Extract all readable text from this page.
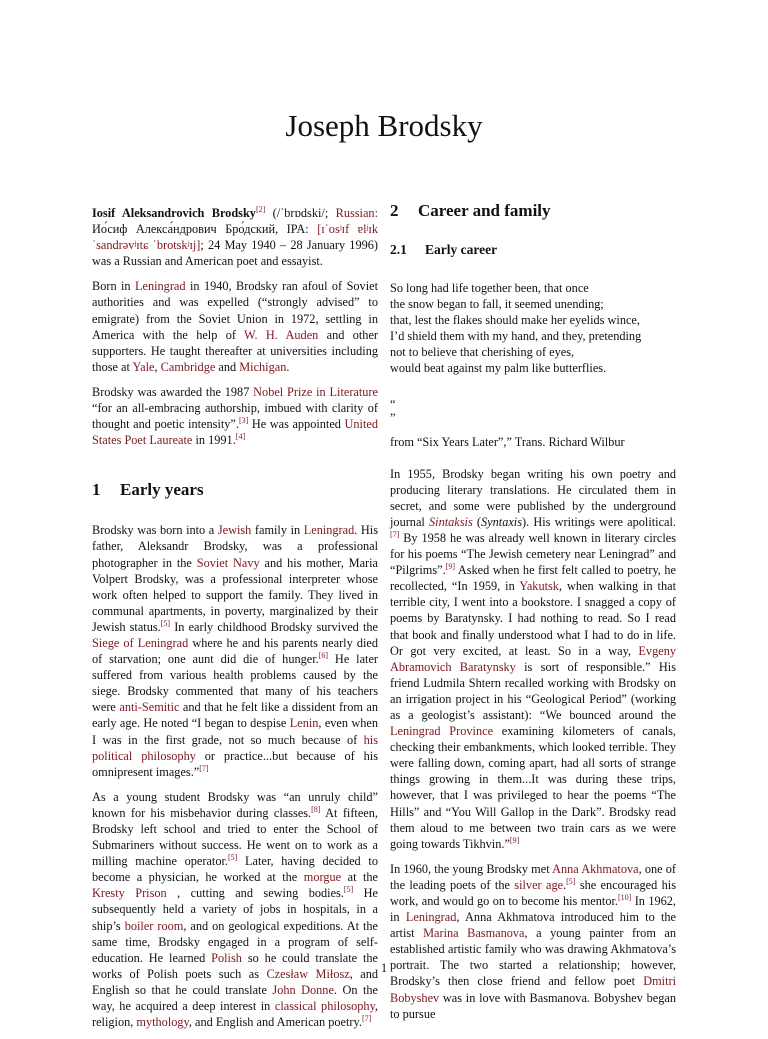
Joseph Brodsky

Iosif Aleksandrovich Brodsky[2] (/ˈbrɒdski/; Russian: Ио́сиф Алекса́ндрович Бро́дский, IPA: [ɪˈosʲɪf ɐlʲɪkˈsandrəvʲɪtɕ ˈbrotskʲɪj]; 24 May 1940 – 28 January 1996) was a Russian and American poet and essayist.

Born in Leningrad in 1940, Brodsky ran afoul of Soviet authorities and was expelled (“strongly advised” to emigrate) from the Soviet Union in 1972, settling in America with the help of W. H. Auden and other supporters. He taught thereafter at universities including those at Yale, Cambridge and Michigan.

Brodsky was awarded the 1987 Nobel Prize in Literature “for an all-embracing authorship, imbued with clarity of thought and poetic intensity”.[3] He was appointed United States Poet Laureate in 1991.[4]

1 Early years

Brodsky was born into a Jewish family in Leningrad. His father, Aleksandr Brodsky, was a professional photographer in the Soviet Navy and his mother, Maria Volpert Brodsky, was a professional interpreter whose work often helped to support the family. They lived in communal apartments, in poverty, marginalized by their Jewish status.[5] In early childhood Brodsky survived the Siege of Leningrad where he and his parents nearly died of starvation; one aunt did die of hunger.[6] He later suffered from various health problems caused by the siege. Brodsky commented that many of his teachers were anti-Semitic and that he felt like a dissident from an early age. He noted “I began to despise Lenin, even when I was in the first grade, not so much because of his political philosophy or practice...but because of his omnipresent images.”[7]

As a young student Brodsky was “an unruly child” known for his misbehavior during classes.[8] At fifteen, Brodsky left school and tried to enter the School of Submariners without success. He went on to work as a milling machine operator.[5] Later, having decided to become a physician, he worked at the morgue at the Kresty Prison , cutting and sewing bodies.[5] He subsequently held a variety of jobs in hospitals, in a ship’s boiler room, and on geological expeditions. At the same time, Brodsky engaged in a program of self-education. He learned Polish so he could translate the works of Polish poets such as Czesław Miłosz, and English so that he could translate John Donne. On the way, he acquired a deep interest in classical philosophy, religion, mythology, and English and American poetry.[7]

2 Career and family
2.1 Early career
So long had life together been, that once
the snow began to fall, it seemed unending;
that, lest the flakes should make her eyelids wince,
I’d shield them with my hand, and they, pretending
not to believe that cherishing of eyes,
would beat against my palm like butterflies.
“
”
from “Six Years Later”,” Trans. Richard Wilbur

In 1955, Brodsky began writing his own poetry and producing literary translations. He circulated them in secret, and some were published by the underground journal Sintaksis (Syntaxis). His writings were apolitical.[7] By 1958 he was already well known in literary circles for his poems “The Jewish cemetery near Leningrad” and “Pilgrims”.[9] Asked when he first felt called to poetry, he recollected, “In 1959, in Yakutsk, when walking in that terrible city, I went into a bookstore. I snagged a copy of poems by Baratynsky. I had nothing to read. So I read that book and finally understood what I had to do in life. Or got very excited, at least. So in a way, Evgeny Abramovich Baratynsky is sort of responsible.” His friend Ludmila Shtern recalled working with Brodsky on an irrigation project in his “Geological Period” (working as a geologist’s assistant): “We bounced around the Leningrad Province examining kilometers of canals, checking their embankments, which looked terrible. They were falling down, coming apart, had all sorts of strange things growing in them...It was during these trips, however, that I was privileged to hear the poems “The Hills” and “You Will Gallop in the Dark”. Brodsky read them aloud to me between two train cars as we were going towards Tikhvin.”[9]

In 1960, the young Brodsky met Anna Akhmatova, one of the leading poets of the silver age.[5] she encouraged his work, and would go on to become his mentor.[10] In 1962, in Leningrad, Anna Akhmatova introduced him to the artist Marina Basmanova, a young painter from an established artistic family who was drawing Akhmatova’s portrait. The two started a relationship; however, Brodsky’s then close friend and fellow poet Dmitri Bobyshev was in love with Basmanova. Bobyshev began to pursue

1
